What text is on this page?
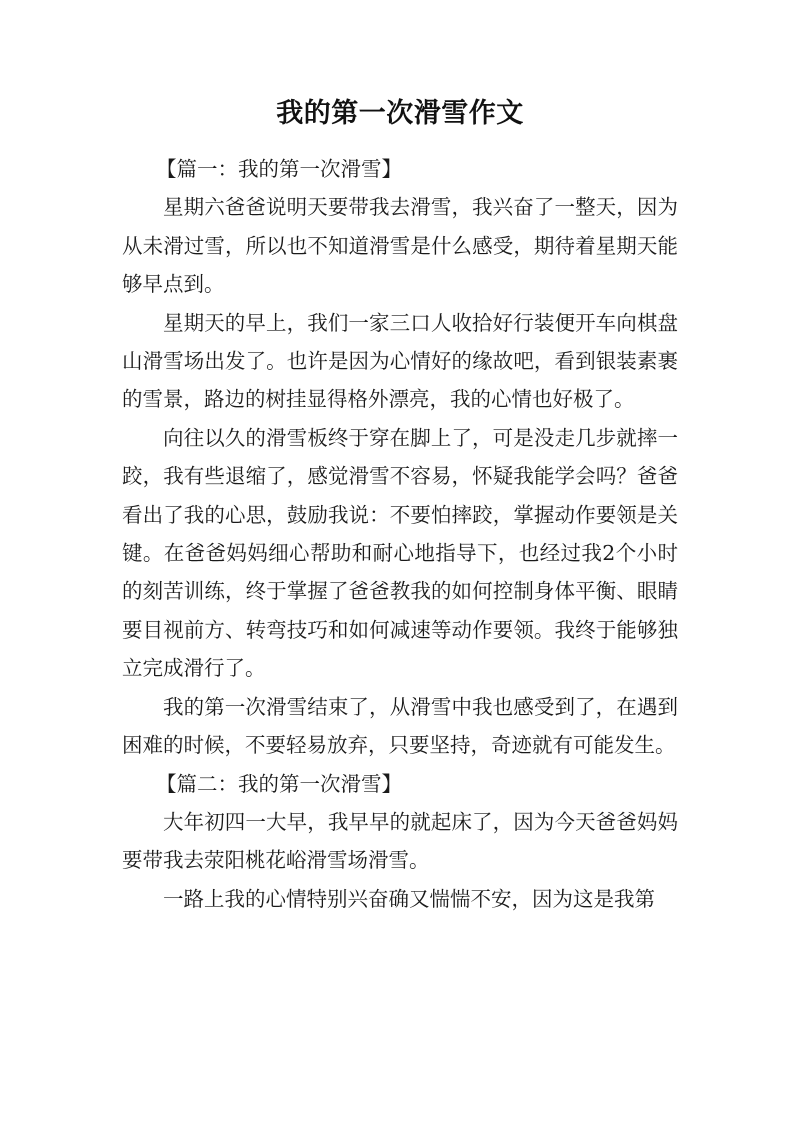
我的第一次滑雪作文

【篇一：我的第一次滑雪】

星期六爸爸说明天要带我去滑雪，我兴奋了一整天，因为从未滑过雪，所以也不知道滑雪是什么感受，期待着星期天能够早点到。

星期天的早上，我们一家三口人收拾好行装便开车向棋盘山滑雪场出发了。也许是因为心情好的缘故吧，看到银装素裹的雪景，路边的树挂显得格外漂亮，我的心情也好极了。

向往以久的滑雪板终于穿在脚上了，可是没走几步就摔一跤，我有些退缩了，感觉滑雪不容易，怀疑我能学会吗？爸爸看出了我的心思，鼓励我说：不要怕摔跤，掌握动作要领是关键。在爸爸妈妈细心帮助和耐心地指导下，也经过我2个小时的刻苦训练，终于掌握了爸爸教我的如何控制身体平衡、眼睛要目视前方、转弯技巧和如何减速等动作要领。我终于能够独立完成滑行了。

我的第一次滑雪结束了，从滑雪中我也感受到了，在遇到困难的时候，不要轻易放弃，只要坚持，奇迹就有可能发生。

【篇二：我的第一次滑雪】

大年初四一大早，我早早的就起床了，因为今天爸爸妈妈要带我去荥阳桃花峪滑雪场滑雪。

一路上我的心情特别兴奋确又惴惴不安，因为这是我第
